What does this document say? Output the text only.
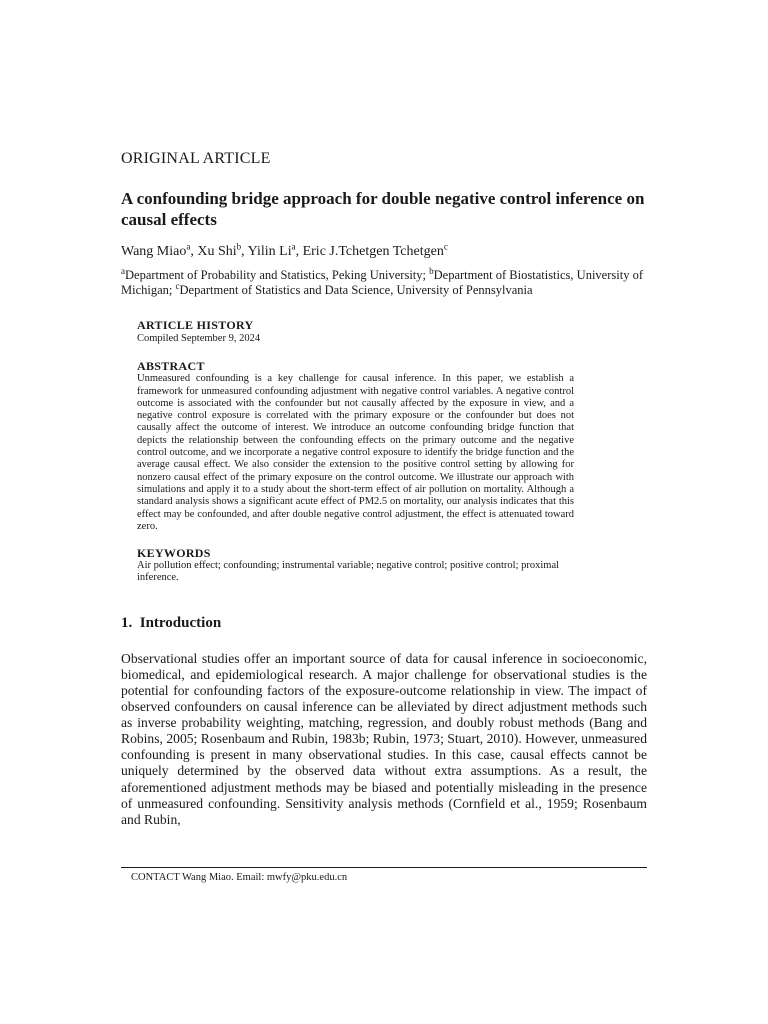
ORIGINAL ARTICLE
A confounding bridge approach for double negative control inference on causal effects
Wang Miao$^a$, Xu Shi$^b$, Yilin Li$^a$, Eric J.Tchetgen Tchetgen$^c$
$^a$Department of Probability and Statistics, Peking University; $^b$Department of Biostatistics, University of Michigan; $^c$Department of Statistics and Data Science, University of Pennsylvania
ARTICLE HISTORY
Compiled September 9, 2024
ABSTRACT
Unmeasured confounding is a key challenge for causal inference. In this paper, we establish a framework for unmeasured confounding adjustment with negative control variables. A negative control outcome is associated with the confounder but not causally affected by the exposure in view, and a negative control exposure is correlated with the primary exposure or the confounder but does not causally affect the outcome of interest. We introduce an outcome confounding bridge function that depicts the relationship between the confounding effects on the primary outcome and the negative control outcome, and we incorporate a negative control exposure to identify the bridge function and the average causal effect. We also consider the extension to the positive control setting by allowing for nonzero causal effect of the primary exposure on the control outcome. We illustrate our approach with simulations and apply it to a study about the short-term effect of air pollution on mortality. Although a standard analysis shows a significant acute effect of PM2.5 on mortality, our analysis indicates that this effect may be confounded, and after double negative control adjustment, the effect is attenuated toward zero.
KEYWORDS
Air pollution effect; confounding; instrumental variable; negative control; positive control; proximal inference.
1.  Introduction
Observational studies offer an important source of data for causal inference in socioeconomic, biomedical, and epidemiological research. A major challenge for observational studies is the potential for confounding factors of the exposure-outcome relationship in view. The impact of observed confounders on causal inference can be alleviated by direct adjustment methods such as inverse probability weighting, matching, regression, and doubly robust methods (Bang and Robins, 2005; Rosenbaum and Rubin, 1983b; Rubin, 1973; Stuart, 2010). However, unmeasured confounding is present in many observational studies. In this case, causal effects cannot be uniquely determined by the observed data without extra assumptions. As a result, the aforementioned adjustment methods may be biased and potentially misleading in the presence of unmeasured confounding. Sensitivity analysis methods (Cornfield et al., 1959; Rosenbaum and Rubin,
CONTACT Wang Miao. Email: mwfy@pku.edu.cn
